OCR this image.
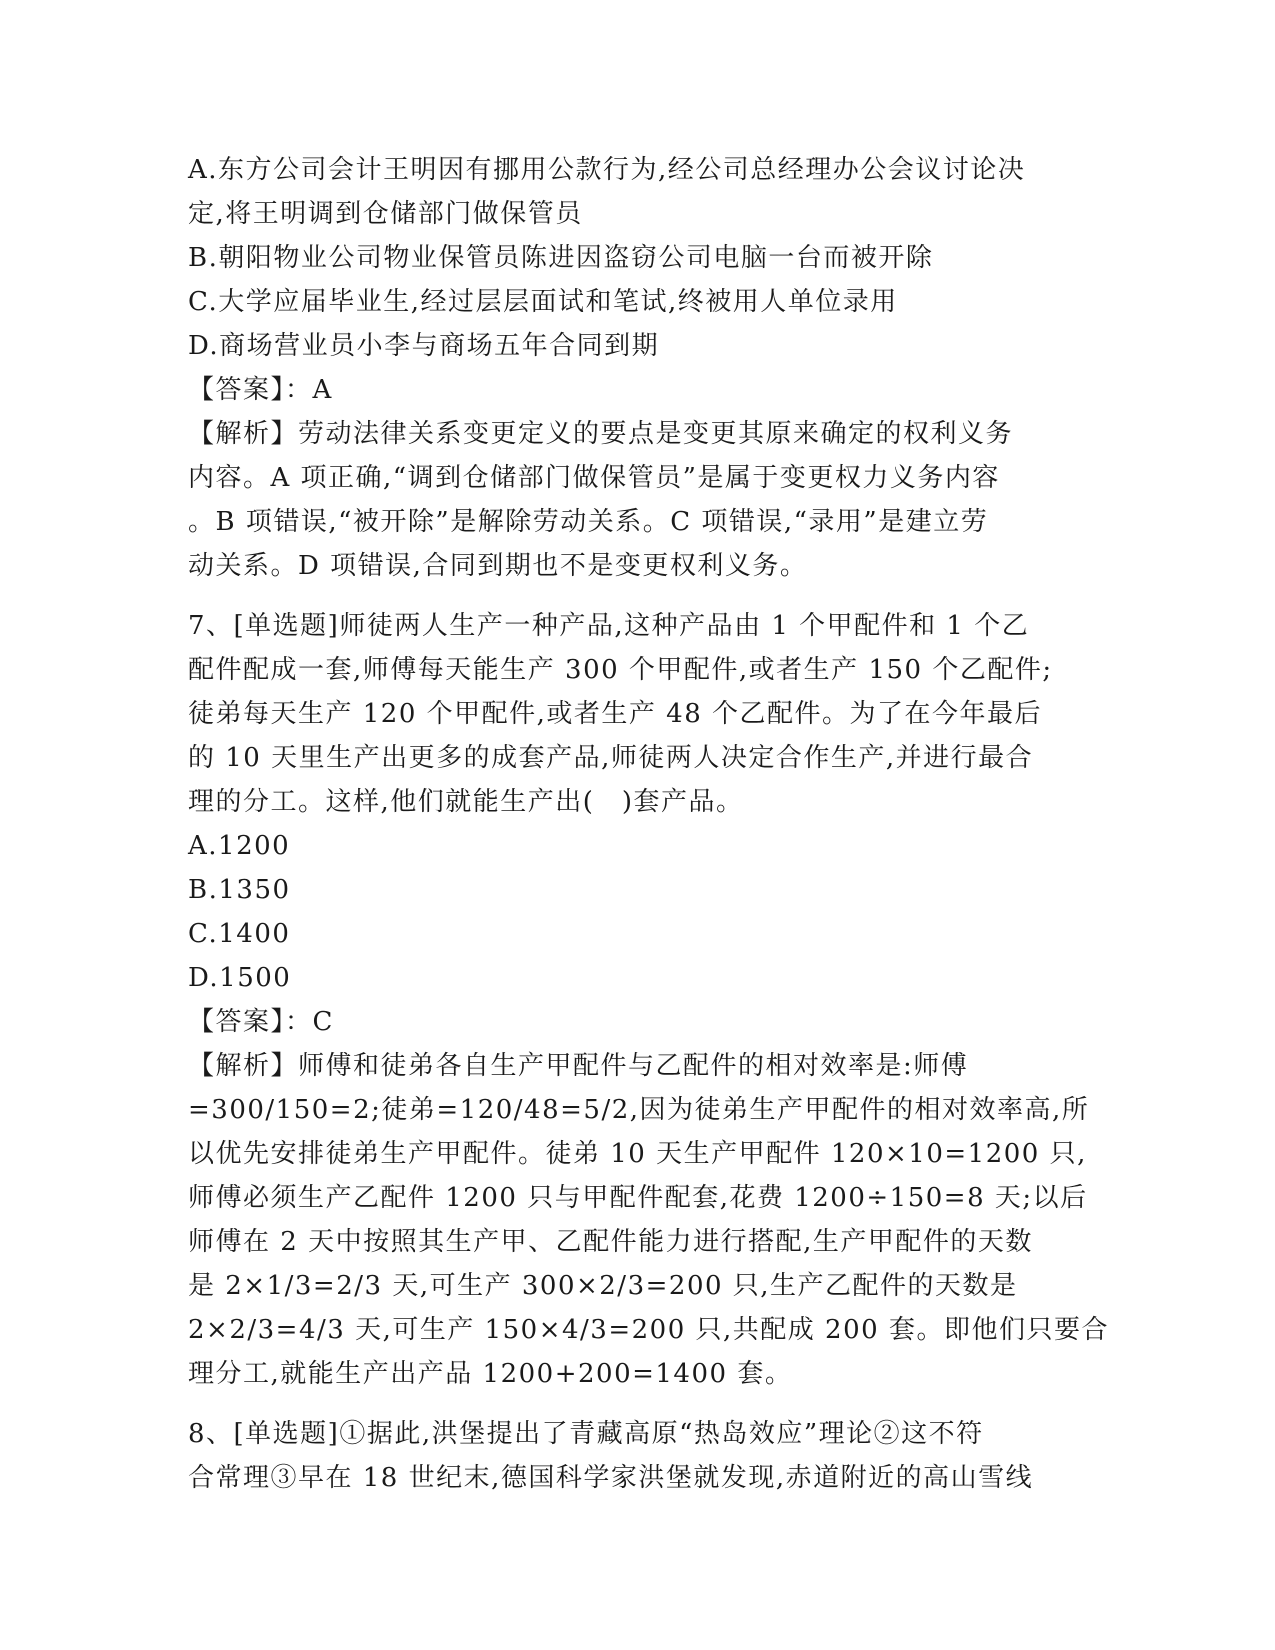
A.东方公司会计王明因有挪用公款行为,经公司总经理办公会议讨论决
定,将王明调到仓储部门做保管员
B.朝阳物业公司物业保管员陈进因盗窃公司电脑一台而被开除
C.大学应届毕业生,经过层层面试和笔试,终被用人单位录用
D.商场营业员小李与商场五年合同到期
【答案】：A
【解析】劳动法律关系变更定义的要点是变更其原来确定的权利义务
内容。A 项正确,“调到仓储部门做保管员”是属于变更权力义务内容
。B 项错误,“被开除”是解除劳动关系。C 项错误,“录用”是建立劳
动关系。D 项错误,合同到期也不是变更权利义务。
7、[单选题]师徒两人生产一种产品,这种产品由 1 个甲配件和 1 个乙
配件配成一套,师傅每天能生产 300 个甲配件,或者生产 150 个乙配件;
徒弟每天生产 120 个甲配件,或者生产 48 个乙配件。为了在今年最后
的 10 天里生产出更多的成套产品,师徒两人决定合作生产,并进行最合
理的分工。这样,他们就能生产出(　)套产品。
A.1200
B.1350
C.1400
D.1500
【答案】：C
【解析】师傅和徒弟各自生产甲配件与乙配件的相对效率是:师傅
=300/150=2;徒弟=120/48=5/2,因为徒弟生产甲配件的相对效率高,所
以优先安排徒弟生产甲配件。徒弟 10 天生产甲配件 120×10=1200 只,
师傅必须生产乙配件 1200 只与甲配件配套,花费 1200÷150=8 天;以后
师傅在 2 天中按照其生产甲、乙配件能力进行搭配,生产甲配件的天数
是 2×1/3=2/3 天,可生产 300×2/3=200 只,生产乙配件的天数是
2×2/3=4/3 天,可生产 150×4/3=200 只,共配成 200 套。即他们只要合
理分工,就能生产出产品 1200+200=1400 套。
8、[单选题]①据此,洪堡提出了青藏高原“热岛效应”理论②这不符
合常理③早在 18 世纪末,德国科学家洪堡就发现,赤道附近的高山雪线
